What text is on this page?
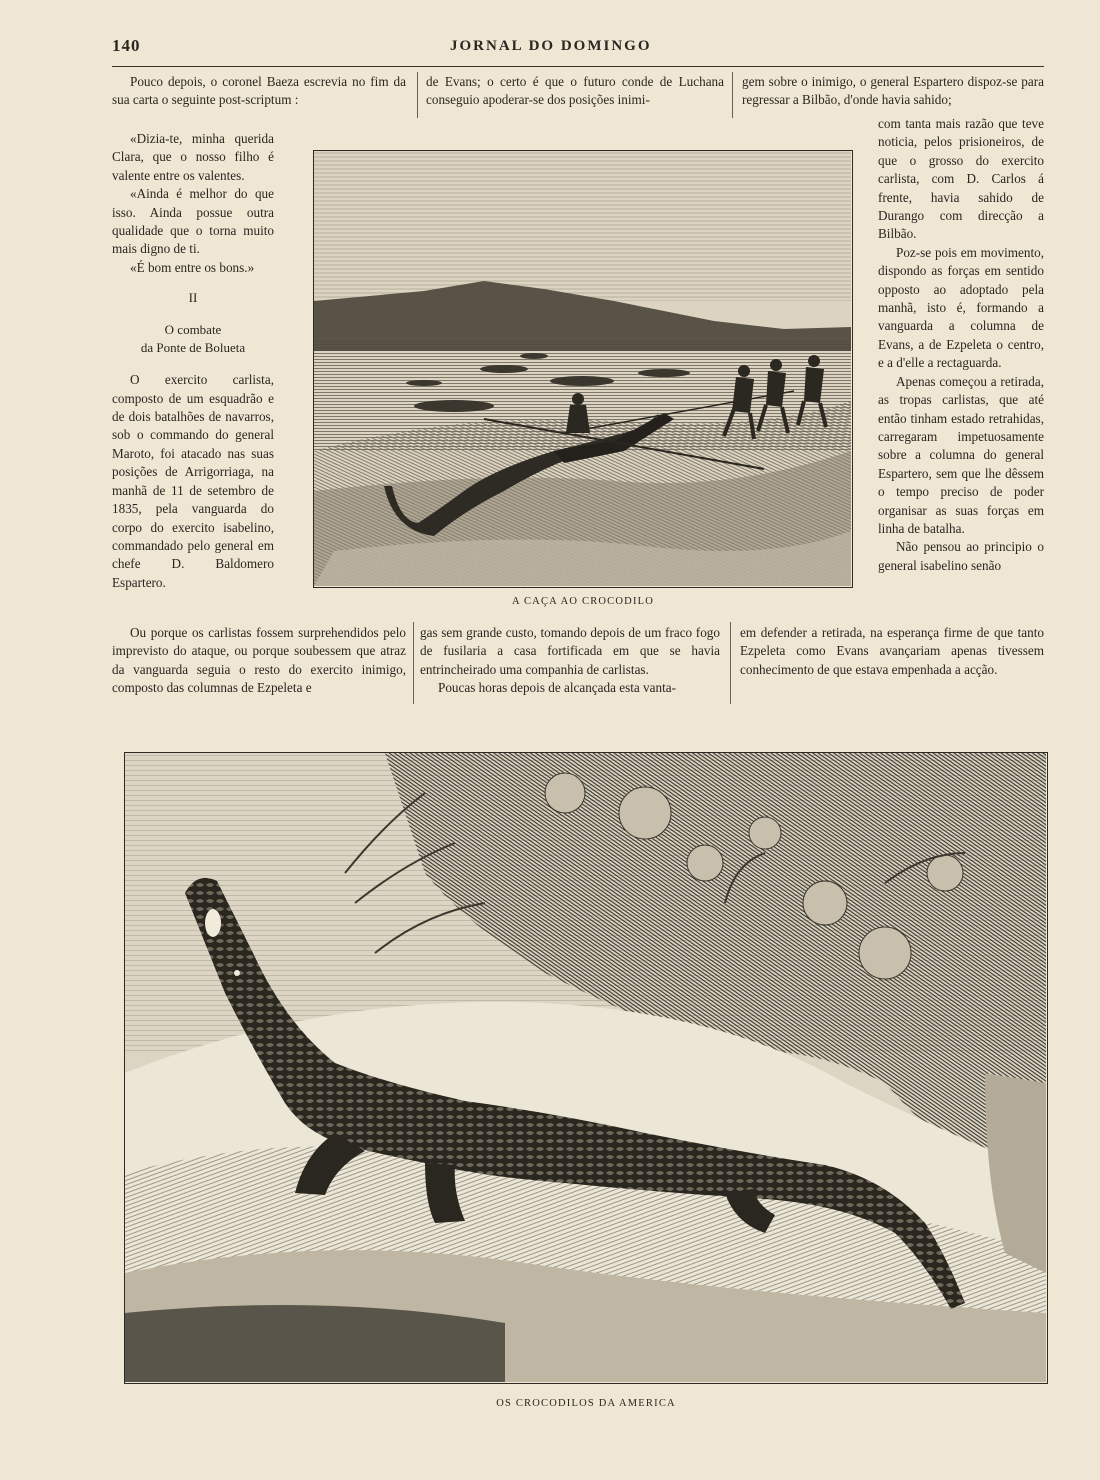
140	JORNAL DO DOMINGO

Pouco depois, o coronel Baeza escrevia no fim da sua carta o seguinte post-scriptum :

«Dizia-te, minha querida Clara, que o nosso filho é valente entre os valentes.

«Ainda é melhor do que isso. Ainda possue outra qualidade que o torna muito mais digno de ti.

«É bom entre os bons.»

II
O combate
da Ponte de Bolueta

O exercito carlista, composto de um esquadrão e de dois batalhões de navarros, sob o commando do general Maroto, foi atacado nas suas posições de Arrigorriaga, na manhã de 11 de setembro de 1835, pela vanguarda do corpo do exercito isabelino, commandado pelo general em chefe D. Baldomero Espartero.

Ou porque os carlistas fossem surprehendidos pelo imprevisto do ataque, ou porque soubessem que atraz da vanguarda seguia o resto do exercito inimigo, composto das columnas de Ezpeleta e

de Evans; o certo é que o futuro conde de Luchana conseguio apoderar-se dos posições inimi-

gas sem grande custo, tomando depois de um fraco fogo de fusilaria a casa fortificada em que se havia entrincheirado uma companhia de carlistas.

Poucas horas depois de alcançada esta vanta-

gem sobre o inimigo, o general Espartero dispoz-se para regressar a Bilbão, d'onde havia sahido;

com tanta mais razão que teve noticia, pelos prisioneiros, de que o grosso do exercito carlista, com D. Carlos á frente, havia sahido de Durango com direcção a Bilbão.

Poz-se pois em movimento, dispondo as forças em sentido opposto ao adoptado pela manhã, isto é, formando a vanguarda a columna de Evans, a de Ezpeleta o centro, e a d'elle a rectaguarda.

Apenas começou a retirada, as tropas carlistas, que até então tinham estado retrahidas, carregaram impetuosamente sobre a columna do general Espartero, sem que lhe dêssem o tempo preciso de poder organisar as suas forças em linha de batalha.

Não pensou ao principio o general isabelino senão

em defender a retirada, na esperança firme de que tanto Ezpeleta como Evans avançariam apenas tivessem conhecimento de que estava empenhada a acção.

A CAÇA AO CROCODILO
OS CROCODILOS DA AMERICA
